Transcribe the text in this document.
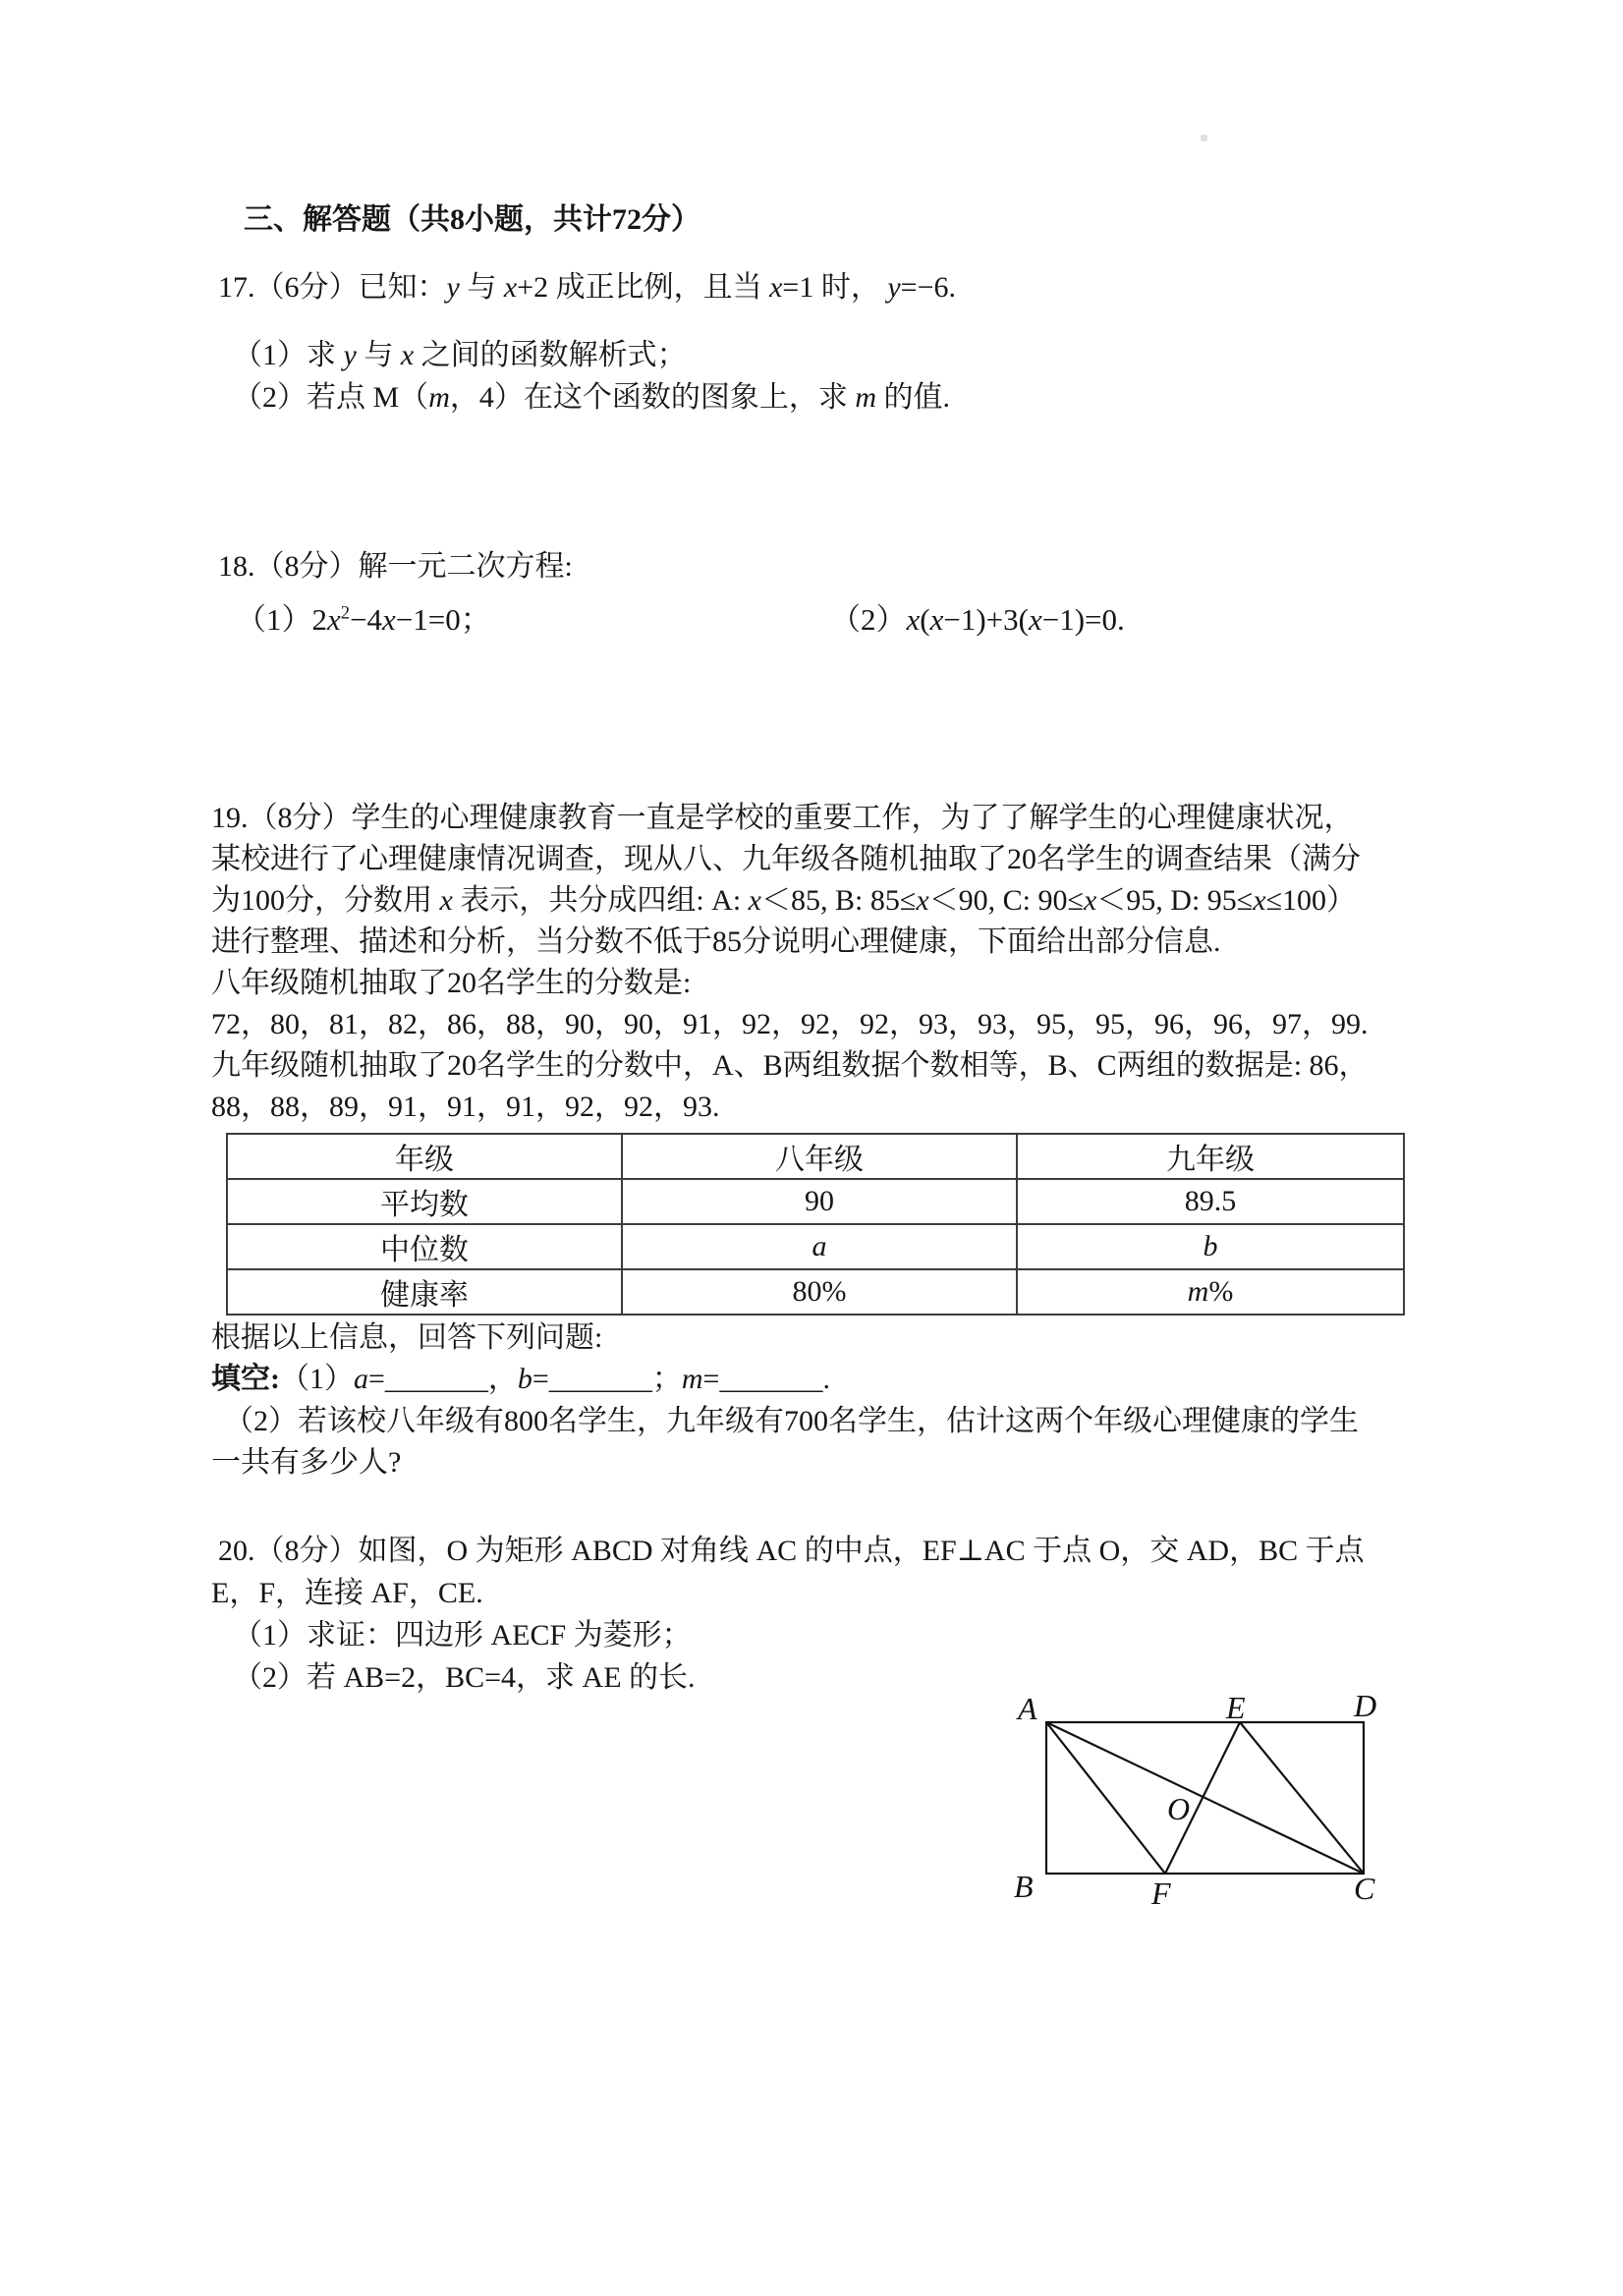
三、解答题（共8小题，共计72分）
17.（6分）已知：y 与 x+2 成正比例，且当 x=1 时， y=−6.
（1）求 y 与 x 之间的函数解析式；
（2）若点 M（m，4）在这个函数的图象上，求 m 的值.
18.（8分）解一元二次方程:
$(1)2x^2-4x-1=0$；	（2）x(x−1)+3(x−1)=0.
19.（8分）学生的心理健康教育一直是学校的重要工作，为了了解学生的心理健康状况，
某校进行了心理健康情况调查，现从八、九年级各随机抽取了20名学生的调查结果（满分
为100分，分数用 x 表示，共分成四组: A: x＜85, B: 85≤x＜90, C: 90≤x＜95, D: 95≤x≤100）
进行整理、描述和分析，当分数不低于85分说明心理健康，下面给出部分信息.
八年级随机抽取了20名学生的分数是:
72，80，81，82，86，88，90，90，91，92，92，92，93，93，95，95，96，96，97，99.
九年级随机抽取了20名学生的分数中，A、B两组数据个数相等，B、C两组的数据是: 86，
88，88，89，91，91，91，92，92，93.
年级	八年级	九年级
平均数	90	89.5
中位数	a	b
健康率	80%	m%
根据以上信息，回答下列问题:
填空:（1）a=_______，b=_______；m=_______.
（2）若该校八年级有800名学生，九年级有700名学生，估计这两个年级心理健康的学生
一共有多少人?
20.（8分）如图，O 为矩形 ABCD 对角线 AC 的中点，EF⊥AC 于点 O，交 AD，BC 于点
E，F，连接 AF，CE.
（1）求证：四边形 AECF 为菱形；
（2）若 AB=2，BC=4，求 AE 的长.
A	E	D
B	F	C
O
